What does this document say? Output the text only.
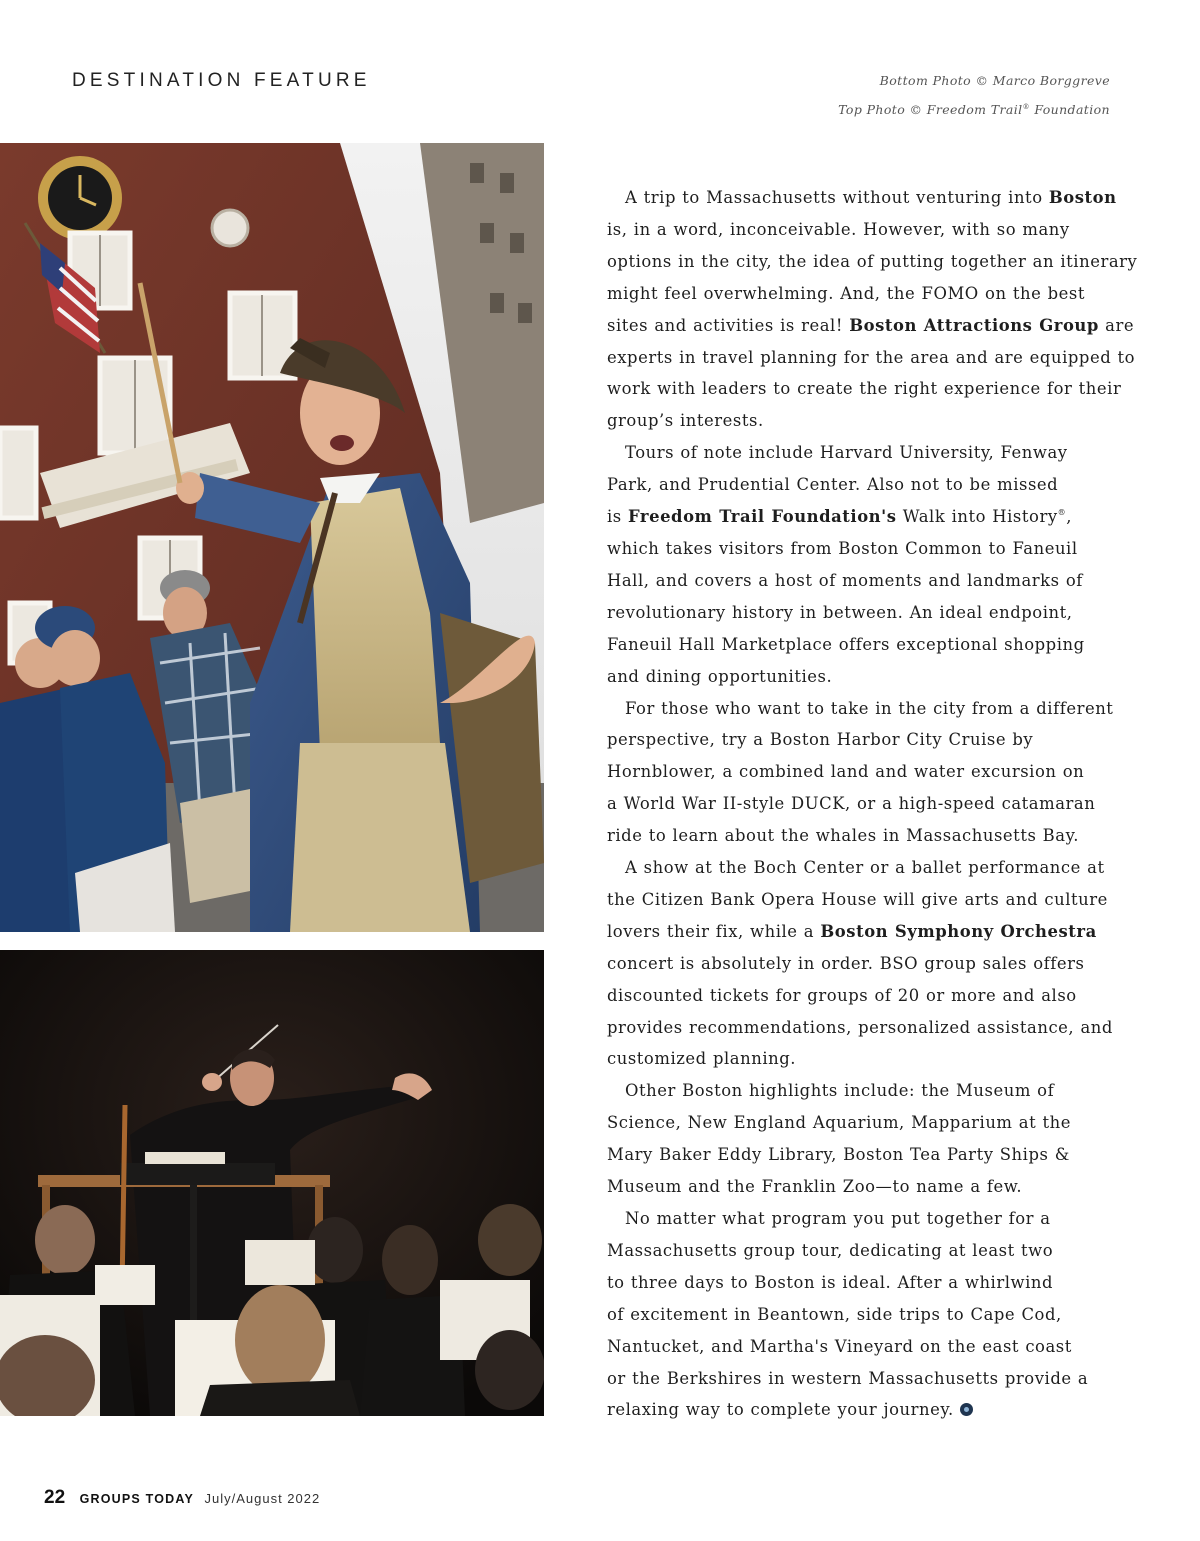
DESTINATION FEATURE	Bottom Photo © Marco Borggreve
Top Photo © Freedom Trail® Foundation

A trip to Massachusetts without venturing into Boston
is, in a word, inconceivable. However, with so many
options in the city, the idea of putting together an itinerary
might feel overwhelming. And, the FOMO on the best
sites and activities is real! Boston Attractions Group are
experts in travel planning for the area and are equipped to
work with leaders to create the right experience for their
group’s interests.

Tours of note include Harvard University, Fenway
Park, and Prudential Center. Also not to be missed
is Freedom Trail Foundation's Walk into History®,
which takes visitors from Boston Common to Faneuil
Hall, and covers a host of moments and landmarks of
revolutionary history in between. An ideal endpoint,
Faneuil Hall Marketplace offers exceptional shopping
and dining opportunities.

For those who want to take in the city from a different
perspective, try a Boston Harbor City Cruise by
Hornblower, a combined land and water excursion on
a World War II-style DUCK, or a high-speed catamaran
ride to learn about the whales in Massachusetts Bay.

A show at the Boch Center or a ballet performance at
the Citizen Bank Opera House will give arts and culture
lovers their fix, while a Boston Symphony Orchestra
concert is absolutely in order. BSO group sales offers
discounted tickets for groups of 20 or more and also
provides recommendations, personalized assistance, and
customized planning.

Other Boston highlights include: the Museum of
Science, New England Aquarium, Mapparium at the
Mary Baker Eddy Library, Boston Tea Party Ships &
Museum and the Franklin Zoo—to name a few.

No matter what program you put together for a
Massachusetts group tour, dedicating at least two
to three days to Boston is ideal. After a whirlwind
of excitement in Beantown, side trips to Cape Cod,
Nantucket, and Martha's Vineyard on the east coast
or the Berkshires in western Massachusetts provide a
relaxing way to complete your journey.

22 GROUPS TODAY July/August 2022
